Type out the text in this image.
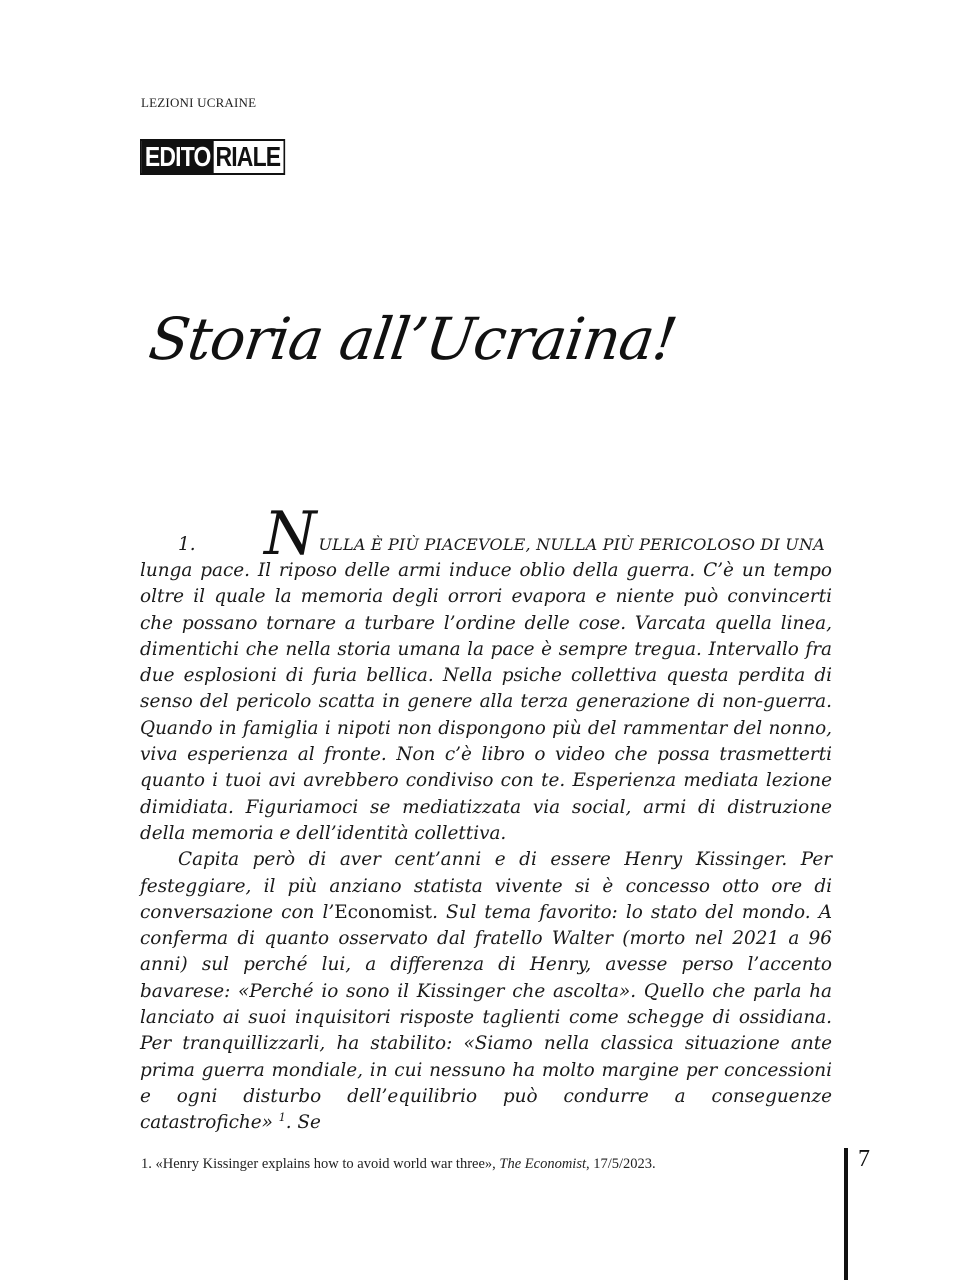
LEZIONI UCRAINE
EDITO RIALE
Storia all’Ucraina!
1.	N ULLA È PIÙ PIACEVOLE, NULLA PIÙ PERICOLOSO DI UNA

lunga pace. Il riposo delle armi induce oblio della guerra. C’è un tempo oltre il quale la memoria degli orrori evapora e niente può convincerti che possano tornare a turbare l’ordine delle cose. Varcata quella linea, dimentichi che nella storia umana la pace è sempre tregua. Intervallo fra due esplosioni di furia bellica. Nella psiche collettiva questa perdita di senso del pericolo scatta in genere alla terza generazione di non-guerra. Quando in famiglia i nipoti non dispongono più del rammentar del nonno, viva esperienza al fronte. Non c’è libro o video che possa trasmetterti quanto i tuoi avi avrebbero condiviso con te. Esperienza mediata lezione dimidiata. Figuriamoci se mediatizzata via social, armi di distruzione della memoria e dell’identità collettiva.

Capita però di aver cent’anni e di essere Henry Kissinger. Per festeggiare, il più anziano statista vivente si è concesso otto ore di conversazione con l’Economist. Sul tema favorito: lo stato del mondo. A conferma di quanto osservato dal fratello Walter (morto nel 2021 a 96 anni) sul perché lui, a differenza di Henry, avesse perso l’accento bavarese: «Perché io sono il Kissinger che ascolta». Quello che parla ha lanciato ai suoi inquisitori risposte taglienti come schegge di ossidiana. Per tranquillizzarli, ha stabilito: «Siamo nella classica situazione ante prima guerra mondiale, in cui nessuno ha molto margine per concessioni e ogni disturbo dell’equilibrio può condurre a conseguenze catastrofiche» $^1$. Se

1. «Henry Kissinger explains how to avoid world war three», The Economist, 17/5/2023.	7
